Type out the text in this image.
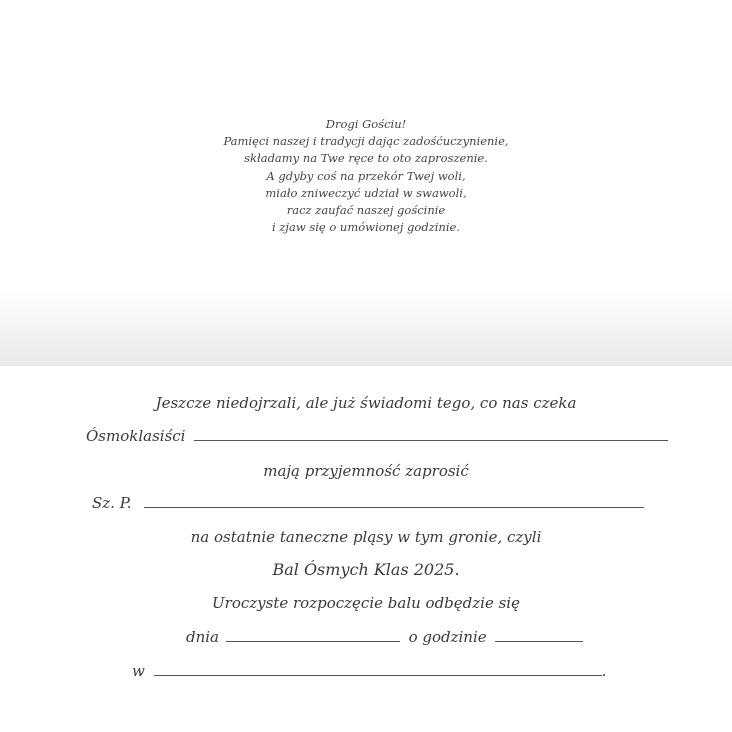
Drogi Gościu!
Pamięci naszej i tradycji dając zadośćuczynienie,
składamy na Twe ręce to oto zaproszenie.
A gdyby coś na przekór Twej woli,
miało zniweczyć udział w swawoli,
racz zaufać naszej gościnie
i zjaw się o umówionej godzinie.
Jeszcze niedojrzali, ale już świadomi tego, co nas czeka
Ósmoklasiści
mają przyjemność zaprosić
Sz. P.
na ostatnie taneczne pląsy w tym gronie, czyli
Bal Ósmych Klas 2025.
Uroczyste rozpoczęcie balu odbędzie się
dnia	o godzinie
w	.
